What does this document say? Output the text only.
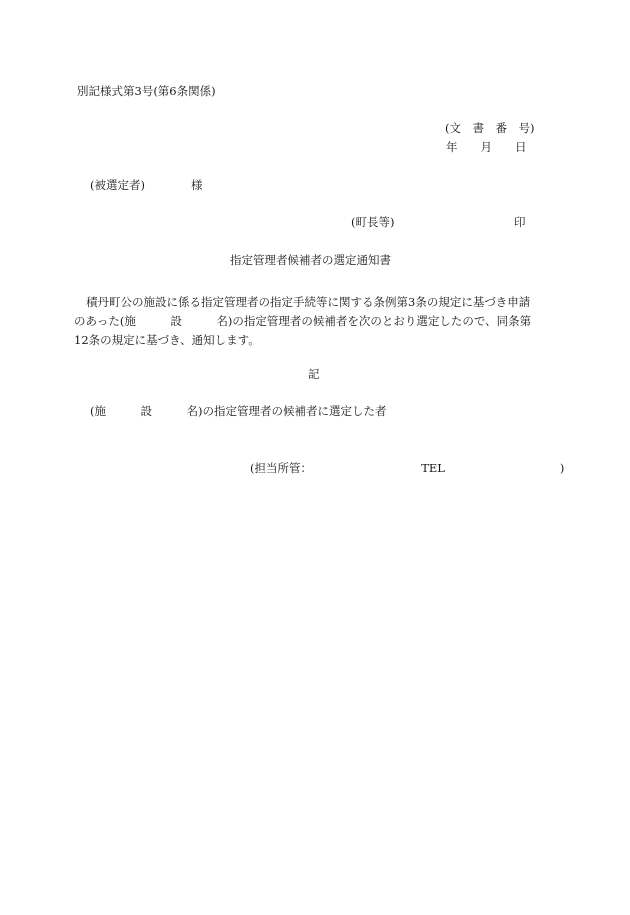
別記様式第3号(第6条関係)
(文　書　番　号)
年　　月　　日
(被選定者)　　　　様
(町長等)	印
指定管理者候補者の選定通知書
積丹町公の施設に係る指定管理者の指定手続等に関する条例第3条の規定に基づき申請のあった(施　　　設　　　名)の指定管理者の候補者を次のとおり選定したので、同条第12条の規定に基づき、通知します。
記
(施　　　設　　　名)の指定管理者の候補者に選定した者
(担当所管：　　　　　　　　　　TEL　　　　　　　　　　)
